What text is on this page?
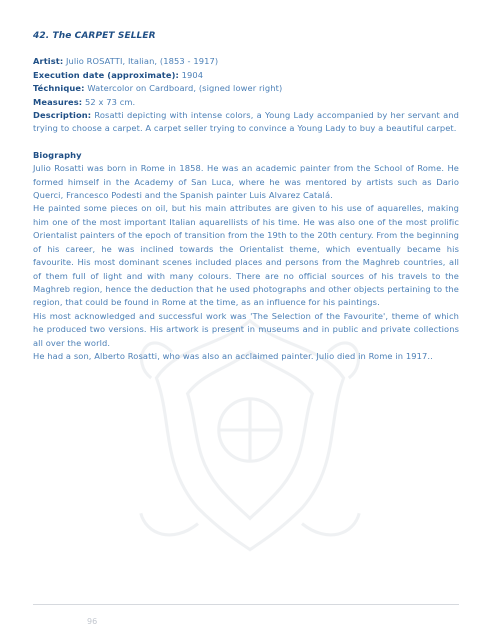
42. The CARPET SELLER

Artist: Julio ROSATTI, Italian, (1853 - 1917)

Execution date (approximate): 1904

Téchnique: Watercolor on Cardboard, (signed lower right)

Measures: 52 x 73 cm.

Description: Rosatti depicting with intense colors, a Young Lady accompanied by her servant and trying to choose a carpet. A carpet seller trying to convince a Young Lady to buy a beautiful carpet.

Biography

Julio Rosatti was born in Rome in 1858. He was an academic painter from the School of Rome. He formed himself in the Academy of San Luca, where he was mentored by artists such as Dario Querci, Francesco Podesti and the Spanish painter Luis Alvarez Catalá.

He painted some pieces on oil, but his main attributes are given to his use of aquarelles, making him one of the most important Italian aquarellists of his time. He was also one of the most prolific Orientalist painters of the epoch of transition from the 19th to the 20th century. From the beginning of his career, he was inclined towards the Orientalist theme, which eventually became his favourite. His most dominant scenes included places and persons from the Maghreb countries, all of them full of light and with many colours. There are no official sources of his travels to the Maghreb region, hence the deduction that he used photographs and other objects pertaining to the region, that could be found in Rome at the time, as an influence for his paintings.

His most acknowledged and successful work was 'The Selection of the Favourite', theme of which he produced two versions. His artwork is present in museums and in public and private collections all over the world.

He had a son, Alberto Rosatti, who was also an acclaimed painter. Julio died in Rome in 1917..

96
